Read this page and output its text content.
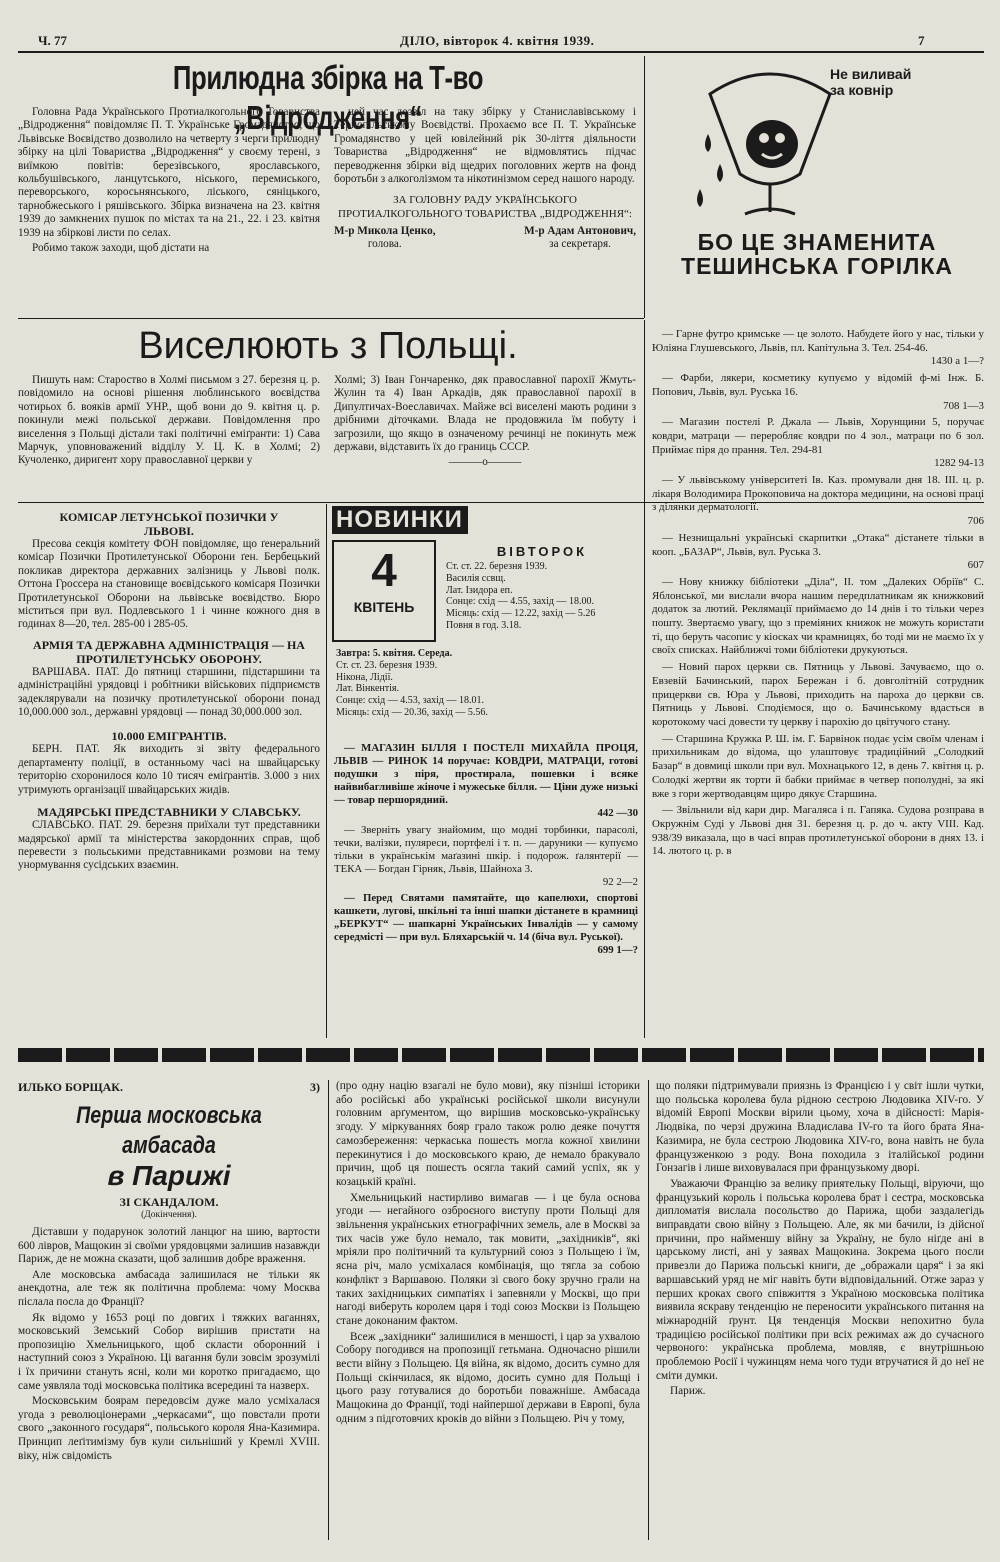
Ч. 77	ДІЛО, вівторок 4. квітня 1939.	7
Прилюдна збірка на Т-во „Відродження“

Головна Рада Українського Протиалкогольного Товариства „Відродження“ повідомляє П. Т. Українське Громадянство, що Львівське Воєвідство дозволило на четверту з черги прилюдну збірку на цілі Товариства „Відродження“ у своєму терені, з виїмкою повітів: березівського, ярославського, кольбушівського, ланцутського, ніського, перемиського, переворського, коросьнянського, ліського, сяніцького, тарнобжеського і ряшівського. Збірка визначена на 23. квітня 1939 до замкнених пушок по містах та на 21., 22. і 23. квітня 1939 на збіркові листи по селах.

Робимо також заходи, щоб дістати на

цей час дозвіл на таку збірку у Станиславівському і Тернопільському Воєвідстві. Прохаємо все П. Т. Українське Громадянство у цей ювілейний рік 30-ліття діяльности Товариства „Відродження“ не відмовлятись підчас переводження збірки від щедрих поголовних жертв на фонд боротьби з алкоголізмом та нікотинізмом серед нашого народу.

ЗА ГОЛОВНУ РАДУ УКРАЇНСЬКОГО ПРОТИАЛКОГОЛЬНОГО ТОВАРИСТВА „ВІДРОДЖЕННЯ“:
М-р Микола Ценко,
голова.
М-р Адам Антонович,
за секретаря.
Не виливай
за ковнір
БО ЦЕ ЗНАМЕНИТА
ТЕШИНСЬКА ГОРІЛКА
Виселюють з Польщі.

Пишуть нам: Староство в Холмі письмом з 27. березня ц. р. повідомило на основі рішення люблинського воєвідства чотирьох б. вояків армії УНР., щоб вони до 9. квітня ц. р. покинули межі польської держави. Повідомлення про виселення з Польщі дістали такі політичні еміґранти: 1) Сава Марчук, уповноважений відділу У. Ц. К. в Холмі; 2) Кучоленко, диригент хору православної церкви у

Холмі; 3) Іван Гончаренко, дяк православної парохії Жмуть-Жулин та 4) Іван Аркадів, дяк православної парохії в Дипултичах-Воеславичах. Майже всі виселені мають родини з дрібними діточками. Влада не продовжила їм побуту і загрозили, що якщо в означеному речинці не покинуть меж держави, відставить їх до границь СССР.

———о———
КОМІСАР ЛЕТУНСЬКОЇ ПОЗИЧКИ У ЛЬВОВІ.

Пресова секція комітету ФОН повідомляє, що ґенеральний комісар Позички Протилетунської Оборони ґен. Бербецький покликав директора державних залізниць у Львові полк. Оттона Гроссера на становище воєвідського комісаря Позички Протилетунської Оборони на львівське воєвідство. Бюро міститься при вул. Подлевського 1 і чинне кожного дня в годинах 8—20, тел. 285-00 і 285-05.

АРМІЯ ТА ДЕРЖАВНА АДМІНІСТРАЦІЯ — НА ПРОТИЛЕТУНСЬКУ ОБОРОНУ.

ВАРШАВА. ПАТ. До пятниці старшини, підстаршини та адміністраційні урядовці і робітники військових підприємств задеклярували на позичку протилетунської оборони понад 10,000.000 зол., державні урядовці — понад 30,000.000 зол.

10.000 ЕМІГРАНТІВ.

БЕРН. ПАТ. Як виходить зі звіту федерального департаменту поліції, в останньому часі на швайцарську територію схоронилося коло 10 тисяч еміґрантів. 3.000 з них утримують організації швайцарських жидів.

МАДЯРСЬКІ ПРЕДСТАВНИКИ У СЛАВСЬКУ.

СЛАВСЬКО. ПАТ. 29. березня приїхали тут представники мадярської армії та міністерства закордонних справ, щоб перевести з польськими представниками розмови на тему унормування сусідських взаємин.

НОВИНКИ
4
КВІТЕНЬ
ВІВТОРОК

Ст. ст. 22. березня 1939.

Василія ссвщ.

Лат. Ізидора еп.

Сонце: схід — 4.55, захід — 18.00.

Місяць: схід — 12.22, захід — 5.26

Повня в год. 3.18.

Завтра: 5. квітня. Середа.

Ст. ст. 23. березня 1939.

Нікона, Лідії.

Лат. Вінкентія.

Сонце: схід — 4.53, захід — 18.01.

Місяць: схід — 20.36, захід — 5.56.

— МАГАЗИН БІЛЛЯ І ПОСТЕЛІ МИХАЙЛА ПРОЦЯ, ЛЬВІВ — РИНОК 14 поручає: КОВДРИ, МАТРАЦИ, готові подушки з піря, простирала, пошевки і всяке найвибагливіше жіноче і мужеське білля. — Ціни дуже низькі — товар першорядний.
442 —30

— Зверніть увагу знайомим, що модні торбинки, парасолі, течки, валізки, пуляреси, портфелі і т. п. — даруники — купуємо тільки в українськім маґазині шкір. і подорож. ґалянтерії — ТЕКА — Богдан Гірняк, Львів, Шайноха 3.
92 2—2

— Перед Святами памятайте, що капелюхи, спортові кашкети, лугові, шкільні та інші шапки дістанете в крамниці „БЕРКУТ“ — шапкарні Українських Інвалідів — у самому середмісті — при вул. Бляхарській ч. 14 (біча вул. Руської).
699 1—?

— Гарне футро кримське — це золото. Набудете його у нас, тільки у Юліяна Глушевського, Львів, пл. Капітульна 3. Тел. 254-46.
1430 а 1—?

— Фарби, лякери, косметику купуємо у відомій ф-мі Інж. Б. Попович, Львів, вул. Руська 16.
708 1—3

— Магазин постелі Р. Джала — Львів, Хорунщини 5, поручає ковдри, матраци — переробляє ковдри по 4 зол., матраци по 6 зол. Приймає піря до прання. Тел. 294-81
1282 94-13

— У львівському університеті Ів. Каз. промували дня 18. III. ц. р. лікаря Володимира Прокоповича на доктора медицини, на основі праці з ділянки дерматології.
706

— Незнищальні українські скарпитки „Отака“ дістанете тільки в кооп. „БАЗАР“, Львів, вул. Руська 3.
607

— Нову книжку бібліотеки „Діла“, II. том „Далеких Обріїв“ С. Яблонської, ми вислали вчора нашим передплатникам як книжковий додаток за лютий. Реклямації приймаємо до 14 днів і то тільки через пошту. Звертаємо увагу, що з преміяних книжок не можуть користати ті, що беруть часопис у кіосках чи крамницях, бо тоді ми не маємо їх у своїх списках. Найближчі томи бібліотеки друкуються.

— Новий парох церкви св. Пятниць у Львові. Зачуваємо, що о. Евзевій Бачинський, парох Бережан і б. довголітній сотрудник прицеркви св. Юра у Львові, приходить на пароха до церкви св. Пятниць у Львові. Сподіємося, що о. Бачинському вдасться в коротокому часі довести ту церкву і парохію до цвітучого стану.

— Старшина Кружка Р. Ш. ім. Г. Барвінок подає усім своїм членам і прихильникам до відома, що улаштовує традиційний „Солодкий Базар“ в довмиці школи при вул. Мохнацького 12, в день 7. квітня ц. р. Солодкі жертви як торти й бабки приймає в четвер пополудні, за які вже з гори жертводавцям щиро дякує Старшина.

— Звільнили від кари дир. Магаляса і п. Гапяка. Судова розправа в Окружнім Суді у Львові дня 31. березня ц. р. до ч. акту VIII. Кад. 938/39 виказала, що в часі вправ протилетунської оборони в днях 13. і 14. лютого ц. р. в

ИЛЬКО БОРЩАК.	3)
Перша московська амбасада
в Парижі
ЗІ СКАНДАЛОМ.
(Докінчення).

Діставши у подарунок золотий ланцюг на шию, вартости 600 лівров, Мащокин зі своїми урядовцями залишив назавжди Париж, де не можна сказати, щоб залишив добре враження.

Але московська амбасада залишилася не тільки як анекдотна, але теж як політична проблема: чому Москва післала посла до Франції?

Як відомо у 1653 році по довгих і тяжких ваганнях, московський Земський Собор вирішив пристати на пропозицію Хмельницького, щоб скласти оборонний і наступний союз з Україною. Ці вагання були зовсім зрозумілі і їх причини стануть ясні, коли ми коротко пригадаємо, що саме уявляла тоді московська політика всередині та назверх.

Московським боярам передовсім дуже мало усміхалася угода з революціонерами „черкасами“, що повстали проти свого „законного государя“, польського короля Яна-Казимира. Принцип леґітимізму був кули сильніший у Кремлі XVIII. віку, ніж свідомість

(про одну націю взагалі не було мови), яку пізніші історики або російські або українські російської школи висунули головним арґументом, що вирішив московсько-українську згоду. У міркуваннях бояр грало також ролю деяке почуття самозбереження: черкаська пошесть могла кожної хвилини перекинутися і до московського краю, де немало бракувало причин, щоб ця пошесть осягла такий самий успіх, як у козацькій країні.

Хмельницький настирливо вимагав — і це була основа угоди — негайного озброєного виступу проти Польщі для звільнення українських етнографічних земель, але в Москві за тих часів уже було немало, так мовити, „західників“, які мріяли про політичний та культурний союз з Польщею і їм, ясна річ, мало усміхалася комбінація, що тягла за собою конфлікт з Варшавою. Поляки зі свого боку зручно грали на таких західницьких симпатіях і запевняли у Москві, що при нагоді виберуть королем царя і тоді союз Москви із Польщею стане доконаним фактом.

Всеж „західники“ залишилися в меншості, і цар за ухвалою Собору погодився на пропозиції гетьмана. Одночасно рішили вести війну з Польщею. Ця війна, як відомо, досить сумно для Польщі скінчилася, як відомо, досить сумно для Польщі і цього разу готувалися до боротьби поважніше. Амбасада Мащокина до Франції, тоді найпершої держави в Европі, була одним з підготовчих кроків до війни з Польщею. Річ у тому,

що поляки підтримували приязнь із Францією і у світ ішли чутки, що польська королева була рідною сестрою Людовика XIV-го. У відомій Европі Москви вірили цьому, хоча в дійсності: Марія-Людвіка, по черзі дружина Владислава IV-го та його брата Яна-Казимира, не була сестрою Людовика XIV-го, вона навіть не була французженкою з роду. Вона походила з італійської родини Гонзагів і лише виховувалася при французькому дворі.

Уважаючи Францію за велику приятельку Польщі, віруючи, що французький король і польська королева брат і сестра, московська дипломатія вислала посольство до Парижа, щоби заздалегідь виправдати свою війну з Польщею. Але, як ми бачили, із дійсної причини, про найменшу війну за Україну, не було ніґде ані в царському листі, ані у заявах Мащокина. Зокрема цього посли привезли до Парижа польські книги, де „ображали царя“ і за які варшавський уряд не міг навіть бути відповідальний. Отже зараз у перших кроках свого співжиття з Україною московська політика виявила яскраву тенденцію не переносити українського питання на міжнародній ґрунт. Ця тенденція Москви непохитно була традицією російської політики при всіх режимах аж до сучасного червоного: українська проблема, мовляв, є внутрішньою проблемою Росії і чужинцям нема чого туди втручатися й до неї не сміти думки.

Париж.
